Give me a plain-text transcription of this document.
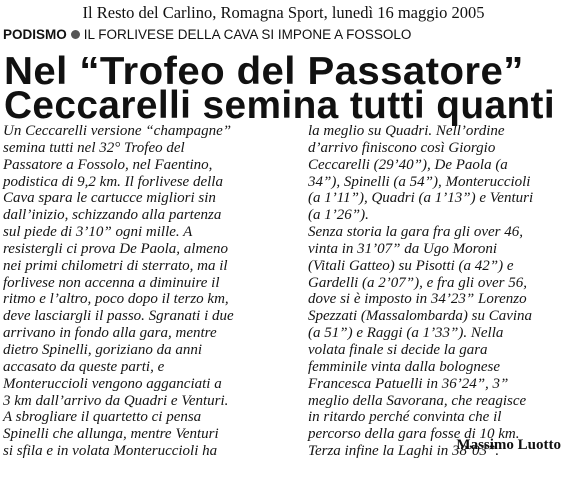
Il Resto del Carlino, Romagna Sport, lunedì 16 maggio 2005
PODISMO IL FORLIVESE DELLA CAVA SI IMPONE A FOSSOLO
Nel “Trofeo del Passatore”
Ceccarelli semina tutti quanti
Un Ceccarelli versione “champagne”
semina tutti nel 32° Trofeo del
Passatore a Fossolo, nel Faentino,
podistica di 9,2 km. Il forlivese della
Cava spara le cartucce migliori sin
dall’inizio, schizzando alla partenza
sul piede di 3’10” ogni mille. A
resistergli ci prova De Paola, almeno
nei primi chilometri di sterrato, ma il
forlivese non accenna a diminuire il
ritmo e l’altro, poco dopo il terzo km,
deve lasciargli il passo. Sgranati i due
arrivano in fondo alla gara, mentre
dietro Spinelli, goriziano da anni
accasato da queste parti, e
Monteruccioli vengono agganciati a
3 km dall’arrivo da Quadri e Venturi.
A sbrogliare il quartetto ci pensa
Spinelli che allunga, mentre Venturi
si sfila e in volata Monteruccioli ha
la meglio su Quadri. Nell’ordine
d’arrivo finiscono così Giorgio
Ceccarelli (29’40”), De Paola (a
34”), Spinelli (a 54”), Monteruccioli
(a 1’11”), Quadri (a 1’13”) e Venturi
(a 1’26”).
Senza storia la gara fra gli over 46,
vinta in 31’07” da Ugo Moroni
(Vitali Gatteo) su Pisotti (a 42”) e
Gardelli (a 2’07”), e fra gli over 56,
dove si è imposto in 34’23” Lorenzo
Spezzati (Massalombarda) su Cavina
(a 51”) e Raggi (a 1’33”). Nella
volata finale si decide la gara
femminile vinta dalla bolognese
Francesca Patuelli in 36’24”, 3”
meglio della Savorana, che reagisce
in ritardo perché convinta che il
percorso della gara fosse di 10 km.
Terza infine la Laghi in 38’03”.
Massimo Luotto
